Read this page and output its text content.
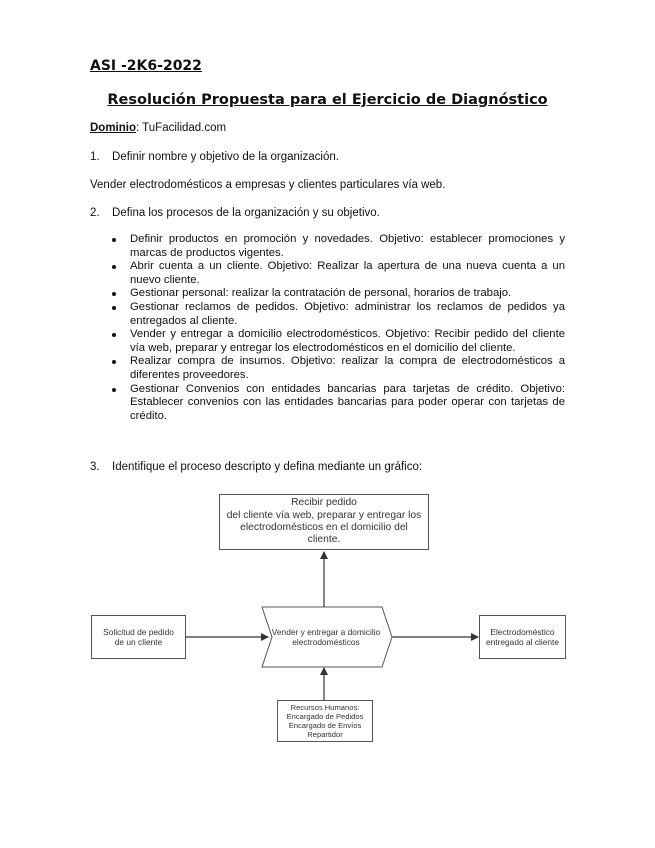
ASI -2K6-2022
Resolución Propuesta para el Ejercicio de Diagnóstico

Dominio: TuFacilidad.com

1. Definir nombre y objetivo de la organización.

Vender electrodomésticos a empresas y clientes particulares vía web.

2. Defina los procesos de la organización y su objetivo.

Definir productos en promoción y novedades. Objetivo: establecer promociones y marcas de productos vigentes.
Abrir cuenta a un cliente. Objetivo: Realizar la apertura de una nueva cuenta a un nuevo cliente.
Gestionar personal: realizar la contratación de personal, horarios de trabajo.
Gestionar reclamos de pedidos. Objetivo: administrar los reclamos de pedidos ya entregados al cliente.
Vender y entregar a domicilio electrodomésticos. Objetivo: Recibir pedido del cliente vía web, preparar y entregar los electrodomésticos en el domicilio del cliente.
Realizar compra de insumos. Objetivo: realizar la compra de electrodomésticos a diferentes proveedores.
Gestionar Convenios con entidades bancarias para tarjetas de crédito. Objetivo: Establecer convenios con las entidades bancarias para poder operar con tarjetas de crédito.

3. Identifique el proceso descripto y defina mediante un gráfico:

Recibir pedido
del cliente vía web, preparar y entregar los
electrodomésticos en el domicilio del
cliente.
Solicitud de pedido
de un cliente
Vender y entregar a domicilio
electrodomésticos
Electrodoméstico
entregado al cliente
Recursos Humanos:
Encargado de Pedidos
Encargado de Envíos
Repartidor
